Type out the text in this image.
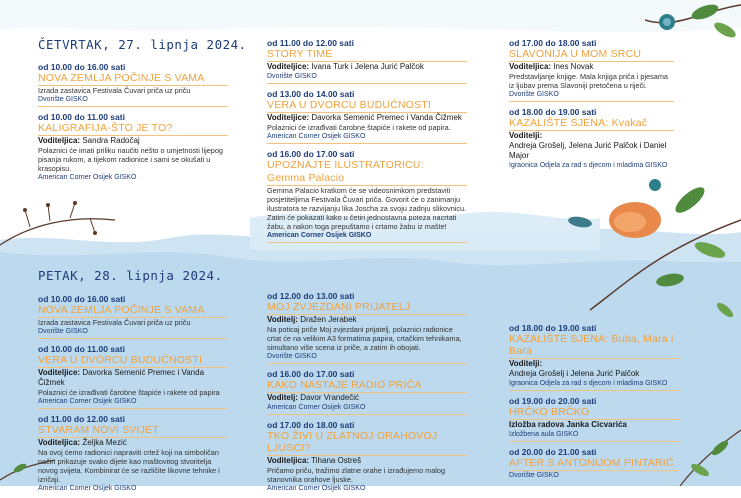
ČETVRTAK, 27. lipnja 2024.
PETAK, 28. lipnja 2024.
od 10.00 do 16.00 sati
NOVA ZEMLJA POČINJE S VAMA
Izrada zastavica Festivala Čuvari priča uz priču
Dvorište GISKO
od 10.00 do 11.00 sati
KALIGRAFIJA-ŠTO JE TO?
Voditeljica: Sandra Radočaj
Polaznici će imati priliku naučiti nešto o umjetnosti lijepog pisanja rukom, a tijekom radionice i sami se okušati u krasopisu.
American Corner Osijek GISKO
od 11.00 do 12.00 sati
STORY TIME
Voditeljice: Ivana Turk i Jelena Jurić Palčok
Dvorište GISKO
od 13.00 do 14.00 sati
VERA U DVORCU BUDUĆNOSTI
Voditeljice: Davorka Semenić Premec i Vanda Čižmek
Polaznici će izrađivati čarobne štapiće i rakete od papira.
American Corner Osijek GISKO
od 16.00 do 17.00 sati
UPOZNAJTE ILUSTRATORICU:
Gemma Palacio
Gemma Palacio kratkom će se videosnimkom predstaviti posjetiteljima Festivala Čuvari priča. Govorit će o zanimanju ilustratora te razvijanju lika Joscha za svoju zadnju slikovnicu. Zatim će pokazati kako u četiri jednostavna poteza nacrtati žabu, a nakon toga prepuštamo i crtamo žabu iz mašte!
American Corner Osijek GISKO
od 17.00 do 18.00 sati
SLAVONIJA U MOM SRCU
Voditeljica: Ines Novak
Predstavljanje knjige. Mala knjiga priča i pjesama iz ljubav prema Slavoniji pretočena u riječi.
Dvorište GISKO
od 18.00 do 19.00 sati
KAZALIŠTE SJENA: Kvakač
Voditelji:
Andreja Grošelj, Jelena Jurić Palčok i Daniel Major
Igraonica Odjela za rad s djecom i mladima GISKO
od 10.00 do 16.00 sati
NOVA ZEMLJA POČINJE S VAMA
Izrada zastavica Festivala Čuvari priča uz priču
Dvorište GISKO
od 10.00 do 11.00 sati
VERA U DVORCU BUDUĆNOSTI
Voditeljice: Davorka Semenić Premec i Vanda Čižmek
Polaznici će izrađivati čarobne štapiće i rakete od papira
American Corner Osijek GISKO
od 11.00 do 12.00 sati
STVARAM NOVI SVIJET
Voditeljica: Željka Mezić
Na ovoj ćemo radionici napraviti crtež koji na simboličan način prikazuje svako dijete kao maštovitog stvoritelja novog svijeta. Kombinirat će se različite likovne tehnike i izričaji.
American Corner Osijek GISKO
od 12.00 do 13.00 sati
MOJ ZVJEZDANI PRIJATELJ
Voditelj: Dražen Jerabek
Na poticaj priče Moj zvjezdani prijatelj, polaznici radionice crtat će na velikim A3 formatima papira, crtačkim tehnikama, simultano više scena iz priče, a zatim ih obojati.
Dvorište GISKO
od 16.00 do 17.00 sati
KAKO NASTAJE RADIO PRIČA
Voditelj: Davor Vrandečić
American Corner Osijek GISKO
od 17.00 do 18.00 sati
TKO ŽIVI U ZLATNOJ ORAHOVOJ LJUSCI?
Voditeljica: Tihana Ostreš
Pričamo priču, tražimo zlatne orahe i izrađujemo malog stanovnika orahove ljuske.
American Corner Osijek GISKO
od 18.00 do 19.00 sati
KAZALIŠTE SJENA: Buba, Mara i Bara
Voditelji:
Andreja Grošelj i Jelena Jurić Palčok
Igraonica Odjela za rad s djecom i mladima GISKO
od 19.00 do 20.00 sati
HRČKO BRČKO
Izložba radova Janka Cicvarića
Izložbena aula GISKO
od 20.00 do 21.00 sati
AFTER S ANTONIJOM PINTARIĆ
Dvorište GISKO
